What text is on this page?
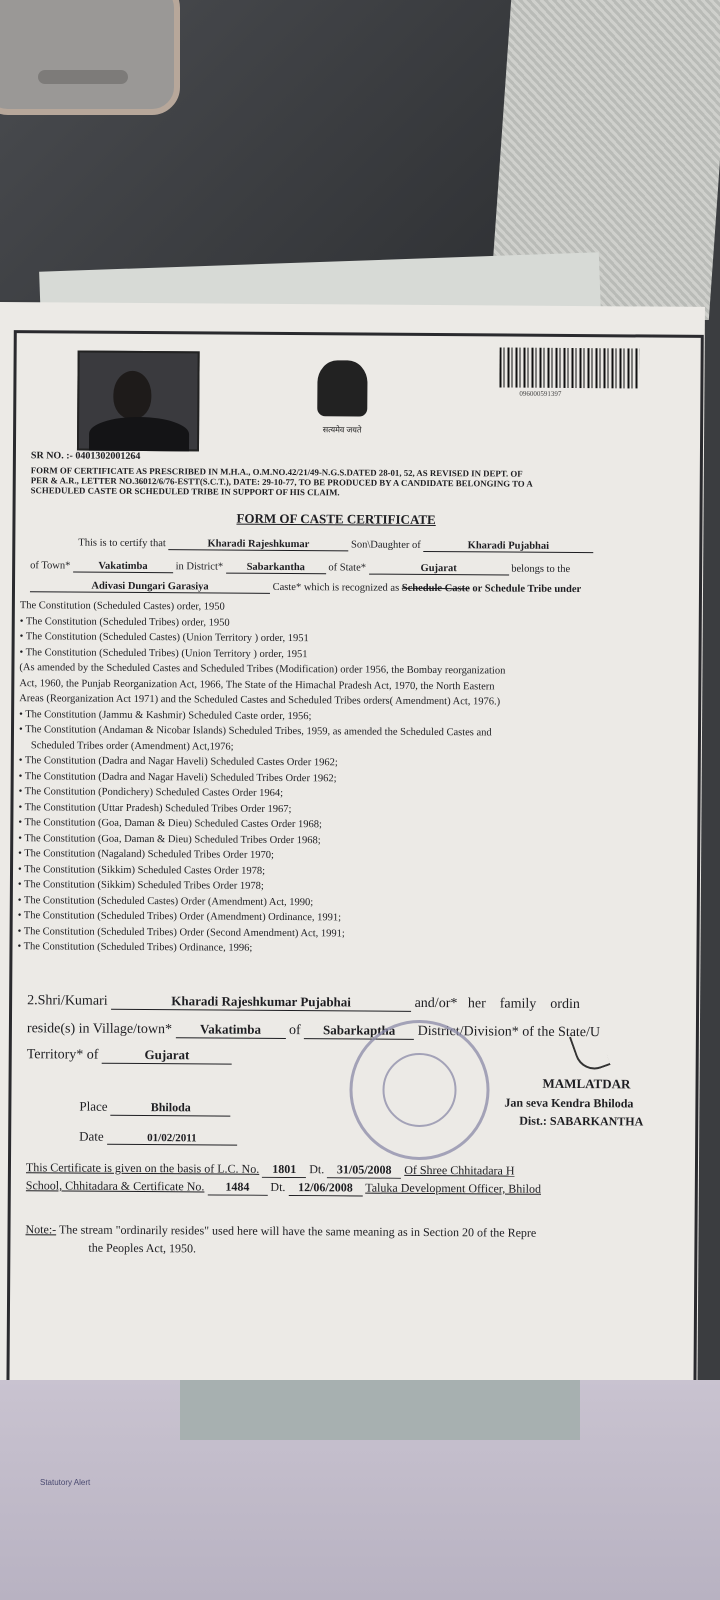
सत्यमेव जयते
096000591397
SR NO. :- 0401302001264
FORM OF CERTIFICATE AS PRESCRIBED IN M.H.A., O.M.NO.42/21/49-N.G.S.DATED 28-01, 52, AS REVISED IN DEPT. OF
PER & A.R., LETTER NO.36012/6/76-ESTT(S.C.T.), DATE: 29-10-77, TO BE PRODUCED BY A CANDIDATE BELONGING TO A
SCHEDULED CASTE OR SCHEDULED TRIBE IN SUPPORT OF HIS CLAIM.
FORM OF CASTE CERTIFICATE
This is to certify that	Kharadi Rajeshkumar	Son\Daughter of	Kharadi Pujabhai
of Town*	Vakatimba	in District* Sabarkantha of State*	Gujarat	belongs to the
Adivasi Dungari Garasiya	Caste* which is recognized as Schedule Caste or Schedule Tribe under
The Constitution (Scheduled Castes) order, 1950
• The Constitution (Scheduled Tribes) order, 1950
• The Constitution (Scheduled Castes) (Union Territory ) order, 1951
• The Constitution (Scheduled Tribes) (Union Territory ) order, 1951
(As amended by the Scheduled Castes and Scheduled Tribes (Modification) order 1956, the Bombay reorganization
Act, 1960, the Punjab Reorganization Act, 1966, The State of the Himachal Pradesh Act, 1970, the North Eastern
Areas (Reorganization Act 1971) and the Scheduled Castes and Scheduled Tribes orders( Amendment) Act, 1976.)
• The Constitution (Jammu & Kashmir) Scheduled Caste order, 1956;
• The Constitution (Andaman & Nicobar Islands) Scheduled Tribes, 1959, as amended the Scheduled Castes and
Scheduled Tribes order (Amendment) Act,1976;
• The Constitution (Dadra and Nagar Haveli) Scheduled Castes Order 1962;
• The Constitution (Dadra and Nagar Haveli) Scheduled Tribes Order 1962;
• The Constitution (Pondichery) Scheduled Castes Order 1964;
• The Constitution (Uttar Pradesh) Scheduled Tribes Order 1967;
• The Constitution (Goa, Daman & Dieu) Scheduled Castes Order 1968;
• The Constitution (Goa, Daman & Dieu) Scheduled Tribes Order 1968;
• The Constitution (Nagaland) Scheduled Tribes Order 1970;
• The Constitution (Sikkim) Scheduled Castes Order 1978;
• The Constitution (Sikkim) Scheduled Tribes Order 1978;
• The Constitution (Scheduled Castes) Order (Amendment) Act, 1990;
• The Constitution (Scheduled Tribes) Order (Amendment) Ordinance, 1991;
• The Constitution (Scheduled Tribes) Order (Second Amendment) Act, 1991;
• The Constitution (Scheduled Tribes) Ordinance, 1996;
2.Shri/Kumari	Kharadi Rajeshkumar Pujabhai	and/or* her family ordin
reside(s) in Village/town* Vakatimba of Sabarkaptha District/Division* of the State/U
Territory* of	Gujarat
Place	Bhiloda
Date	01/02/2011
MAMLATDAR
Jan seva Kendra Bhiloda
Dist.: SABARKANTHA
This Certificate is given on the basis of L.C. No. 1801 Dt. 31/05/2008 Of Shree Chhitadara H
School, Chhitadara & Certificate No. 1484 Dt. 12/06/2008 Taluka Development Officer, Bhilod
Note:- The stream "ordinarily resides" used here will have the same meaning as in Section 20 of the Repre
the Peoples Act, 1950.
Statutory Alert
